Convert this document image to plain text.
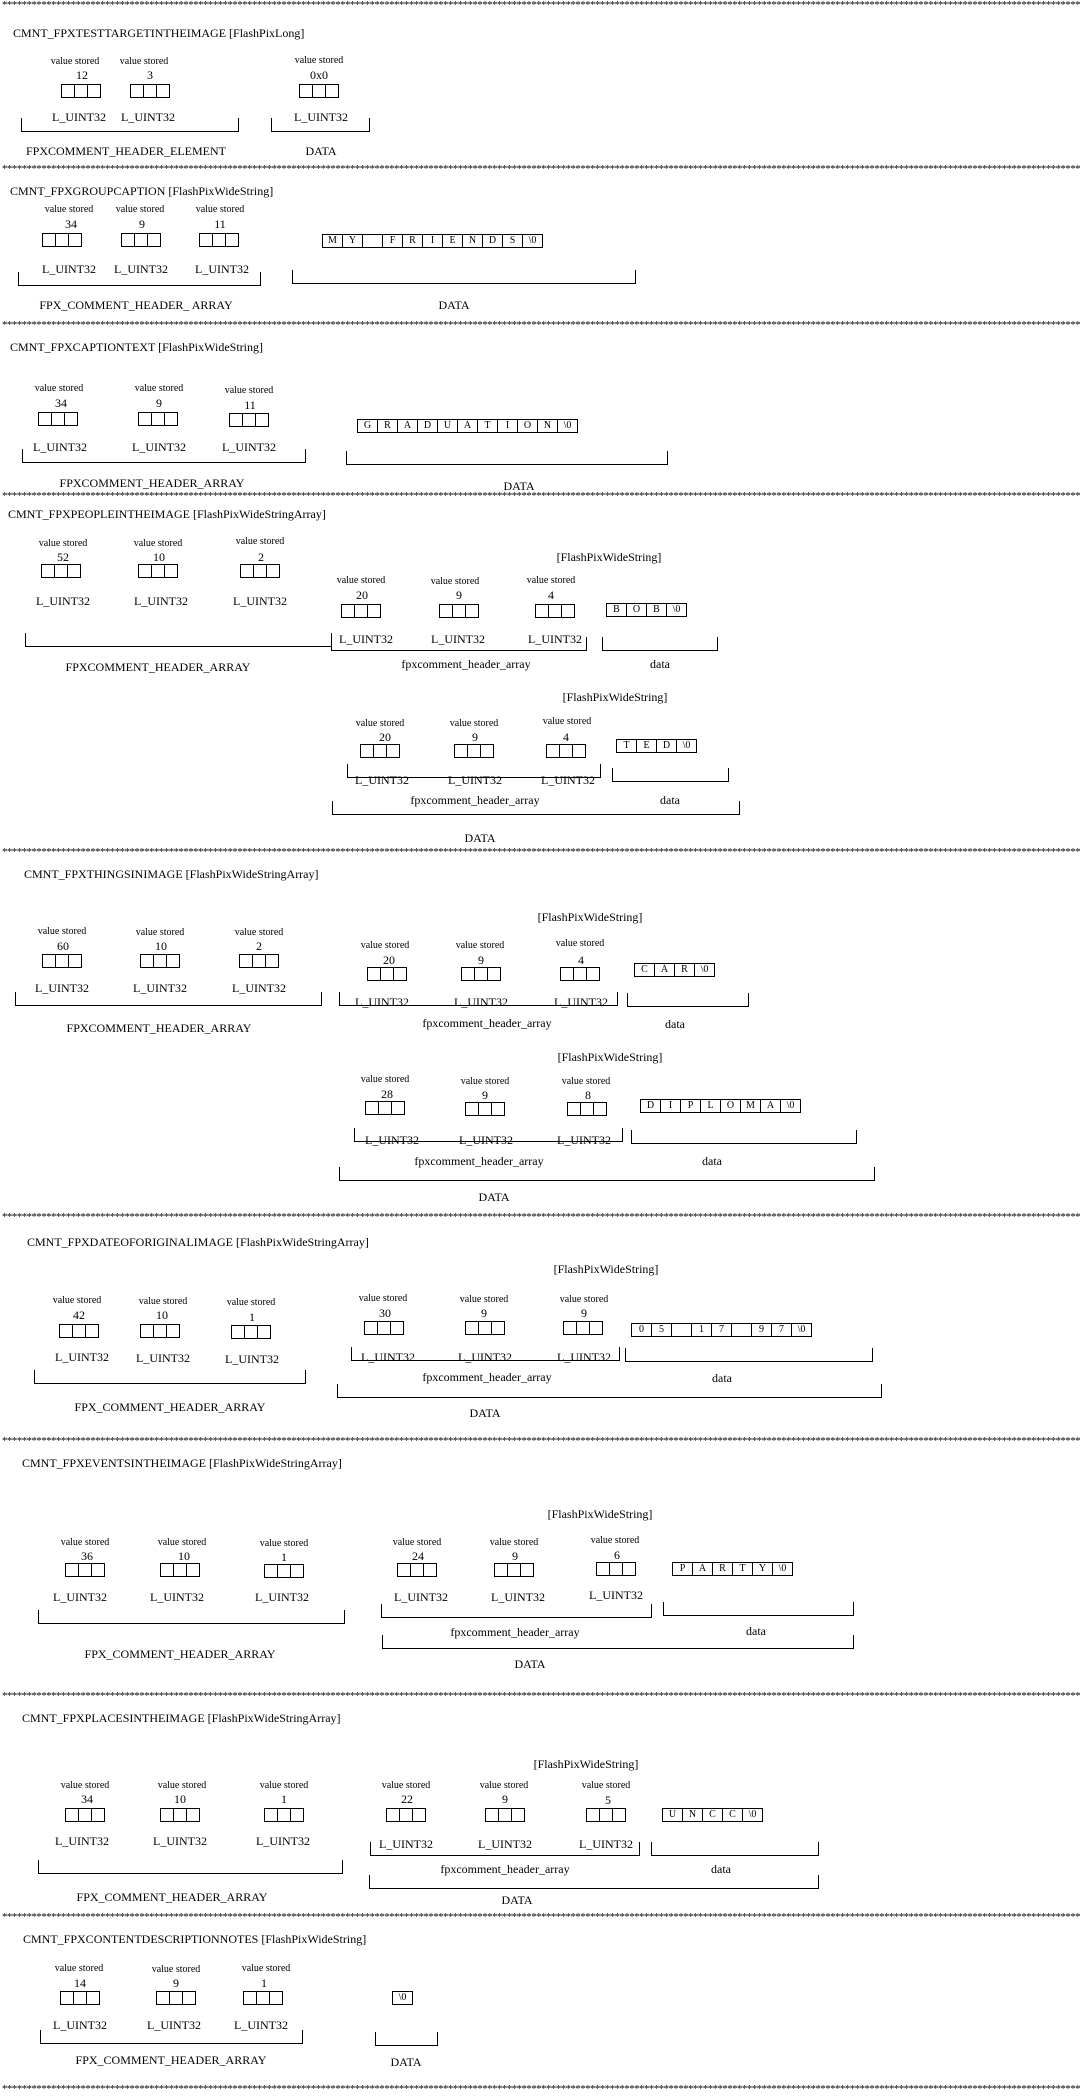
****************************************************************************************************************************************************************************************************************************
****************************************************************************************************************************************************************************************************************************
****************************************************************************************************************************************************************************************************************************
****************************************************************************************************************************************************************************************************************************
****************************************************************************************************************************************************************************************************************************
****************************************************************************************************************************************************************************************************************************
****************************************************************************************************************************************************************************************************************************
****************************************************************************************************************************************************************************************************************************
****************************************************************************************************************************************************************************************************************************
****************************************************************************************************************************************************************************************************************************
CMNT_FPXTESTTARGETINTHEIMAGE [FlashPixLong]
value stored
12
L_UINT32
value stored
3
L_UINT32
FPXCOMMENT_HEADER_ELEMENT
value stored
0x0
L_UINT32
DATA
CMNT_FPXGROUPCAPTION [FlashPixWideString]
value stored
34
L_UINT32
value stored
9
L_UINT32
value stored
11
L_UINT32
FPX_COMMENT_HEADER_ ARRAY
M	Y	F	R	I	E	N	D	S	\0
DATA
CMNT_FPXCAPTIONTEXT [FlashPixWideString]
value stored
34
L_UINT32
value stored
9
L_UINT32
value stored
11
L_UINT32
FPXCOMMENT_HEADER_ARRAY
G	R	A	D	U	A	T	I	O	N	\0
DATA
CMNT_FPXPEOPLEINTHEIMAGE [FlashPixWideStringArray]
value stored
52
L_UINT32
value stored
10
L_UINT32
value stored
2
L_UINT32
FPXCOMMENT_HEADER_ARRAY
[FlashPixWideString]
value stored
20
L_UINT32
value stored
9
L_UINT32
value stored
4
L_UINT32
fpxcomment_header_array
B	O	B	\0
data
[FlashPixWideString]
value stored
20
L_UINT32
value stored
9
L_UINT32
value stored
4
L_UINT32
fpxcomment_header_array
T	E	D	\0
data
DATA
CMNT_FPXTHINGSINIMAGE [FlashPixWideStringArray]
value stored
60
L_UINT32
value stored
10
L_UINT32
value stored
2
L_UINT32
FPXCOMMENT_HEADER_ARRAY
[FlashPixWideString]
value stored
20
L_UINT32
value stored
9
L_UINT32
value stored
4
L_UINT32
fpxcomment_header_array
C	A	R	\0
data
[FlashPixWideString]
value stored
28
L_UINT32
value stored
9
L_UINT32
value stored
8
L_UINT32
fpxcomment_header_array
D	I	P	L	O	M	A	\0
data
DATA
CMNT_FPXDATEOFORIGINALIMAGE [FlashPixWideStringArray]
value stored
42
L_UINT32
value stored
10
L_UINT32
value stored
1
L_UINT32
FPX_COMMENT_HEADER_ARRAY
[FlashPixWideString]
value stored
30
L_UINT32
value stored
9
L_UINT32
value stored
9
L_UINT32
fpxcomment_header_array
0	5	1	7	9	7	\0
data
DATA
CMNT_FPXEVENTSINTHEIMAGE [FlashPixWideStringArray]
value stored
36
L_UINT32
value stored
10
L_UINT32
value stored
1
L_UINT32
FPX_COMMENT_HEADER_ARRAY
[FlashPixWideString]
value stored
24
L_UINT32
value stored
9
L_UINT32
value stored
6
L_UINT32
fpxcomment_header_array
P	A	R	T	Y	\0
data
DATA
CMNT_FPXPLACESINTHEIMAGE [FlashPixWideStringArray]
value stored
34
L_UINT32
value stored
10
L_UINT32
value stored
1
L_UINT32
FPX_COMMENT_HEADER_ARRAY
[FlashPixWideString]
value stored
22
L_UINT32
value stored
9
L_UINT32
value stored
5
L_UINT32
fpxcomment_header_array
U	N	C	C	\0
data
DATA
CMNT_FPXCONTENTDESCRIPTIONNOTES [FlashPixWideString]
value stored
14
L_UINT32
value stored
9
L_UINT32
value stored
1
L_UINT32
FPX_COMMENT_HEADER_ARRAY
\0
DATA
